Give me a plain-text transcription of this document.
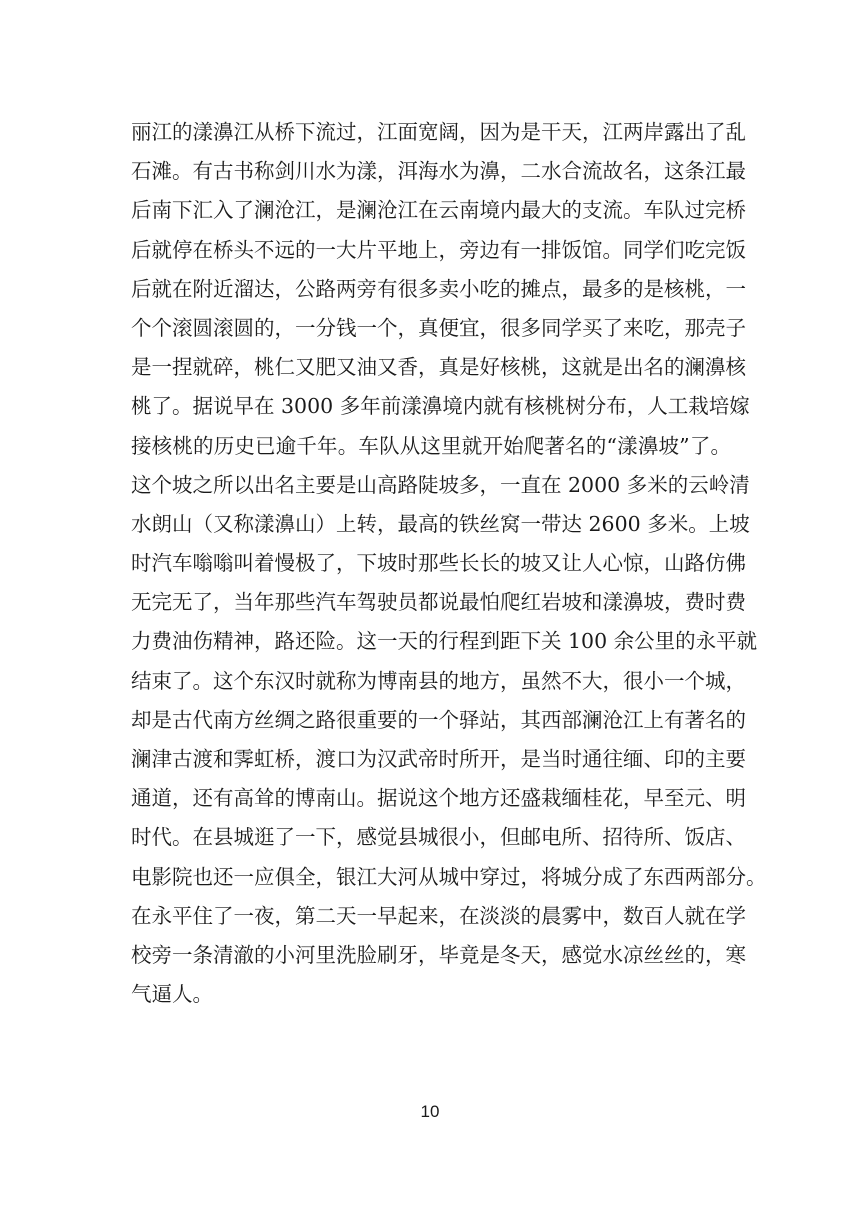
丽江的漾濞江从桥下流过，江面宽阔，因为是干天，江两岸露出了乱
石滩。有古书称剑川水为漾，洱海水为濞，二水合流故名，这条江最
后南下汇入了澜沧江，是澜沧江在云南境内最大的支流。车队过完桥
后就停在桥头不远的一大片平地上，旁边有一排饭馆。同学们吃完饭
后就在附近溜达，公路两旁有很多卖小吃的摊点，最多的是核桃，一
个个滚圆滚圆的，一分钱一个，真便宜，很多同学买了来吃，那壳子
是一捏就碎，桃仁又肥又油又香，真是好核桃，这就是出名的澜濞核
桃了。据说早在 3000 多年前漾濞境内就有核桃树分布，人工栽培嫁
接核桃的历史已逾千年。车队从这里就开始爬著名的“漾濞坡”了。
这个坡之所以出名主要是山高路陡坡多，一直在 2000 多米的云岭清
水朗山（又称漾濞山）上转，最高的铁丝窝一带达 2600 多米。上坡
时汽车嗡嗡叫着慢极了，下坡时那些长长的坡又让人心惊，山路仿佛
无完无了，当年那些汽车驾驶员都说最怕爬红岩坡和漾濞坡，费时费
力费油伤精神，路还险。这一天的行程到距下关 100 余公里的永平就
结束了。这个东汉时就称为博南县的地方，虽然不大，很小一个城，
却是古代南方丝绸之路很重要的一个驿站，其西部澜沧江上有著名的
澜津古渡和霁虹桥，渡口为汉武帝时所开，是当时通往缅、印的主要
通道，还有高耸的博南山。据说这个地方还盛栽缅桂花，早至元、明
时代。在县城逛了一下，感觉县城很小，但邮电所、招待所、饭店、
电影院也还一应俱全，银江大河从城中穿过，将城分成了东西两部分。
在永平住了一夜，第二天一早起来，在淡淡的晨雾中，数百人就在学
校旁一条清澈的小河里洗脸刷牙，毕竟是冬天，感觉水凉丝丝的，寒
气逼人。
10
